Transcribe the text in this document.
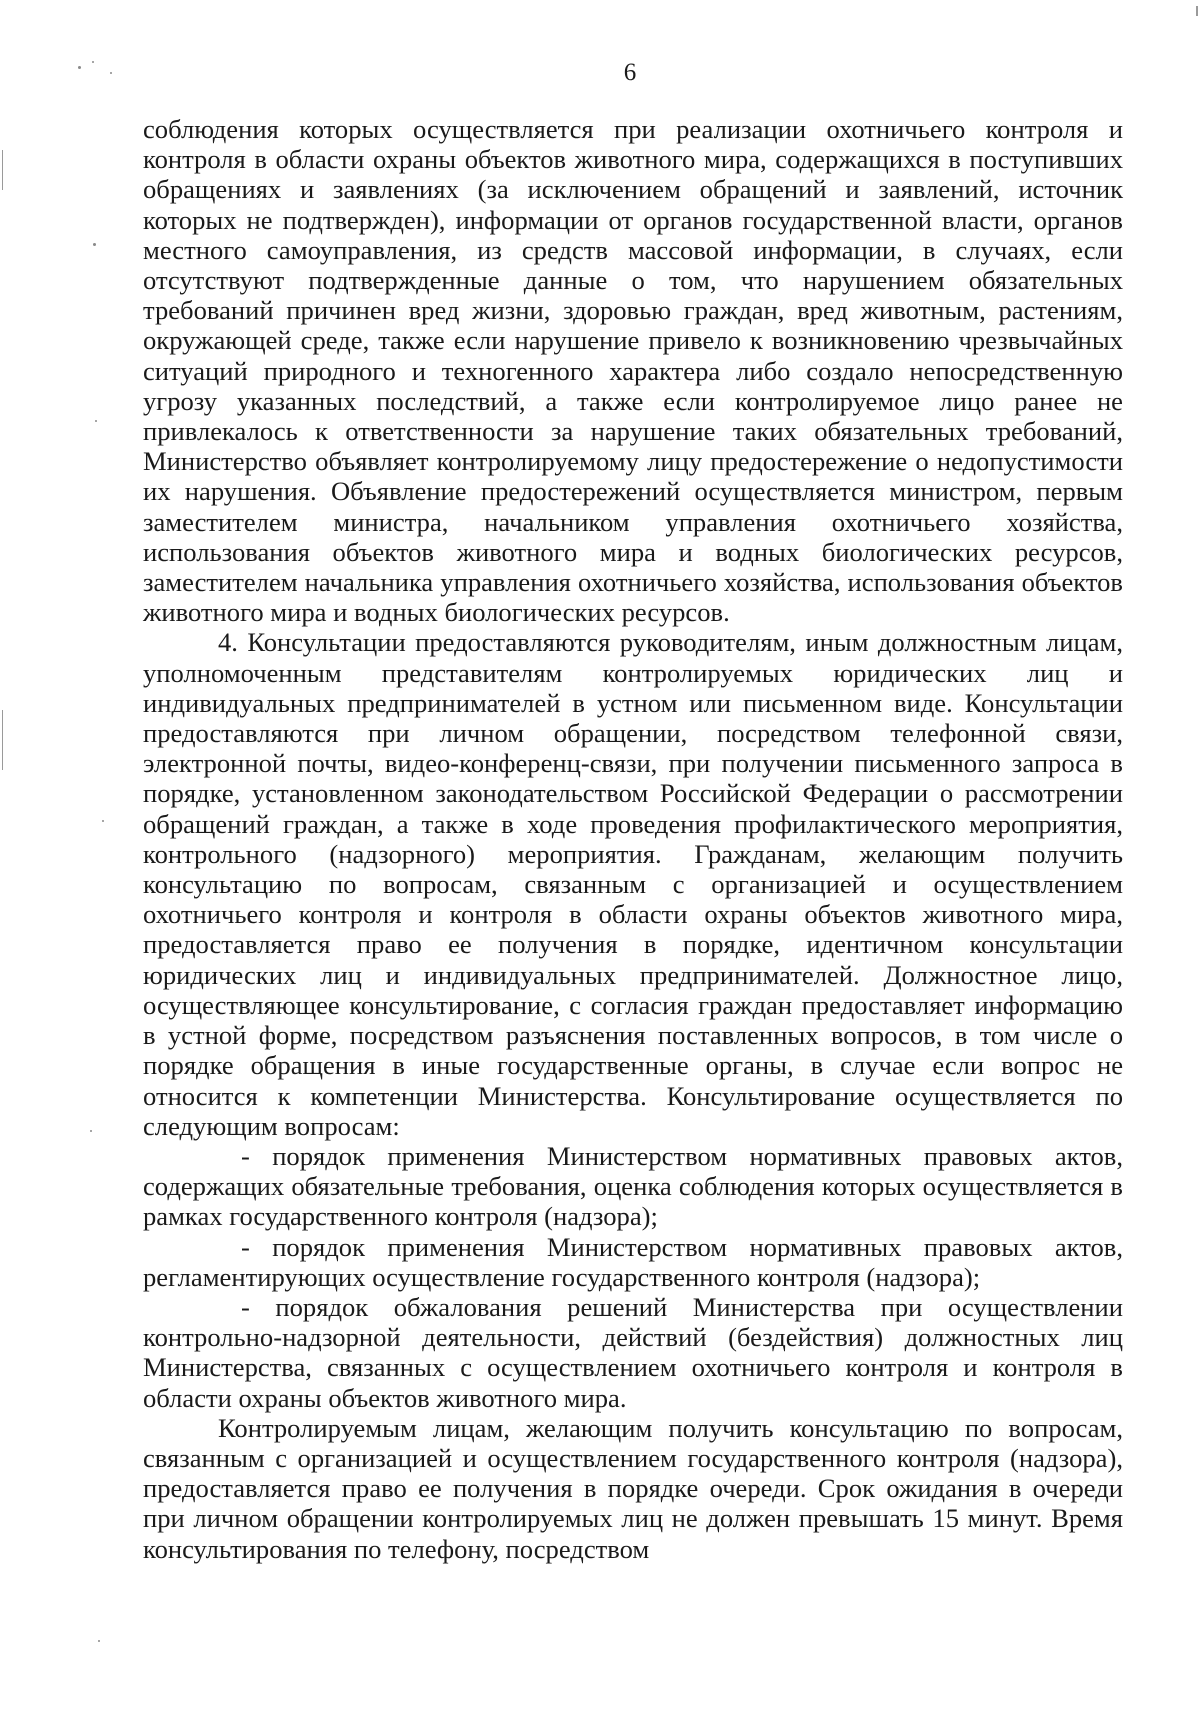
6

соблюдения которых осуществляется при реализации охотничьего контроля и контроля в области охраны объектов животного мира, содержащихся в поступивших обращениях и заявлениях (за исключением обращений и заявлений, источник которых не подтвержден), информации от органов государственной власти, органов местного самоуправления, из средств массовой информации, в случаях, если отсутствуют подтвержденные данные о том, что нарушением обязательных требований причинен вред жизни, здоровью граждан, вред животным, растениям, окружающей среде, также если нарушение привело к возникновению чрезвычайных ситуаций природного и техногенного характера либо создало непосредственную угрозу указанных последствий, а также если контролируемое лицо ранее не привлекалось к ответственности за нарушение таких обязательных требований, Министерство объявляет контролируемому лицу предостережение о недопустимости их нарушения. Объявление предостережений осуществляется министром, первым заместителем министра, начальником управления охотничьего хозяйства, использования объектов животного мира и водных биологических ресурсов, заместителем начальника управления охотничьего хозяйства, использования объектов животного мира и водных биологических ресурсов.

4. Консультации предоставляются руководителям, иным должностным лицам, уполномоченным представителям контролируемых юридических лиц и индивидуальных предпринимателей в устном или письменном виде. Консультации предоставляются при личном обращении, посредством телефонной связи, электронной почты, видео-конференц-связи, при получении письменного запроса в порядке, установленном законодательством Российской Федерации о рассмотрении обращений граждан, а также в ходе проведения профилактического мероприятия, контрольного (надзорного) мероприятия. Гражданам, желающим получить консультацию по вопросам, связанным с организацией и осуществлением охотничьего контроля и контроля в области охраны объектов животного мира, предоставляется право ее получения в порядке, идентичном консультации юридических лиц и индивидуальных предпринимателей. Должностное лицо, осуществляющее консультирование, с согласия граждан предоставляет информацию в устной форме, посредством разъяснения поставленных вопросов, в том числе о порядке обращения в иные государственные органы, в случае если вопрос не относится к компетенции Министерства. Консультирование осуществляется по следующим вопросам:

- порядок применения Министерством нормативных правовых актов, содержащих обязательные требования, оценка соблюдения которых осуществляется в рамках государственного контроля (надзора);

- порядок применения Министерством нормативных правовых актов, регламентирующих осуществление государственного контроля (надзора);

- порядок обжалования решений Министерства при осуществлении контрольно-надзорной деятельности, действий (бездействия) должностных лиц Министерства, связанных с осуществлением охотничьего контроля и контроля в области охраны объектов животного мира.

Контролируемым лицам, желающим получить консультацию по вопросам, связанным с организацией и осуществлением государственного контроля (надзора), предоставляется право ее получения в порядке очереди. Срок ожидания в очереди при личном обращении контролируемых лиц не должен превышать 15 минут. Время консультирования по телефону, посредством
